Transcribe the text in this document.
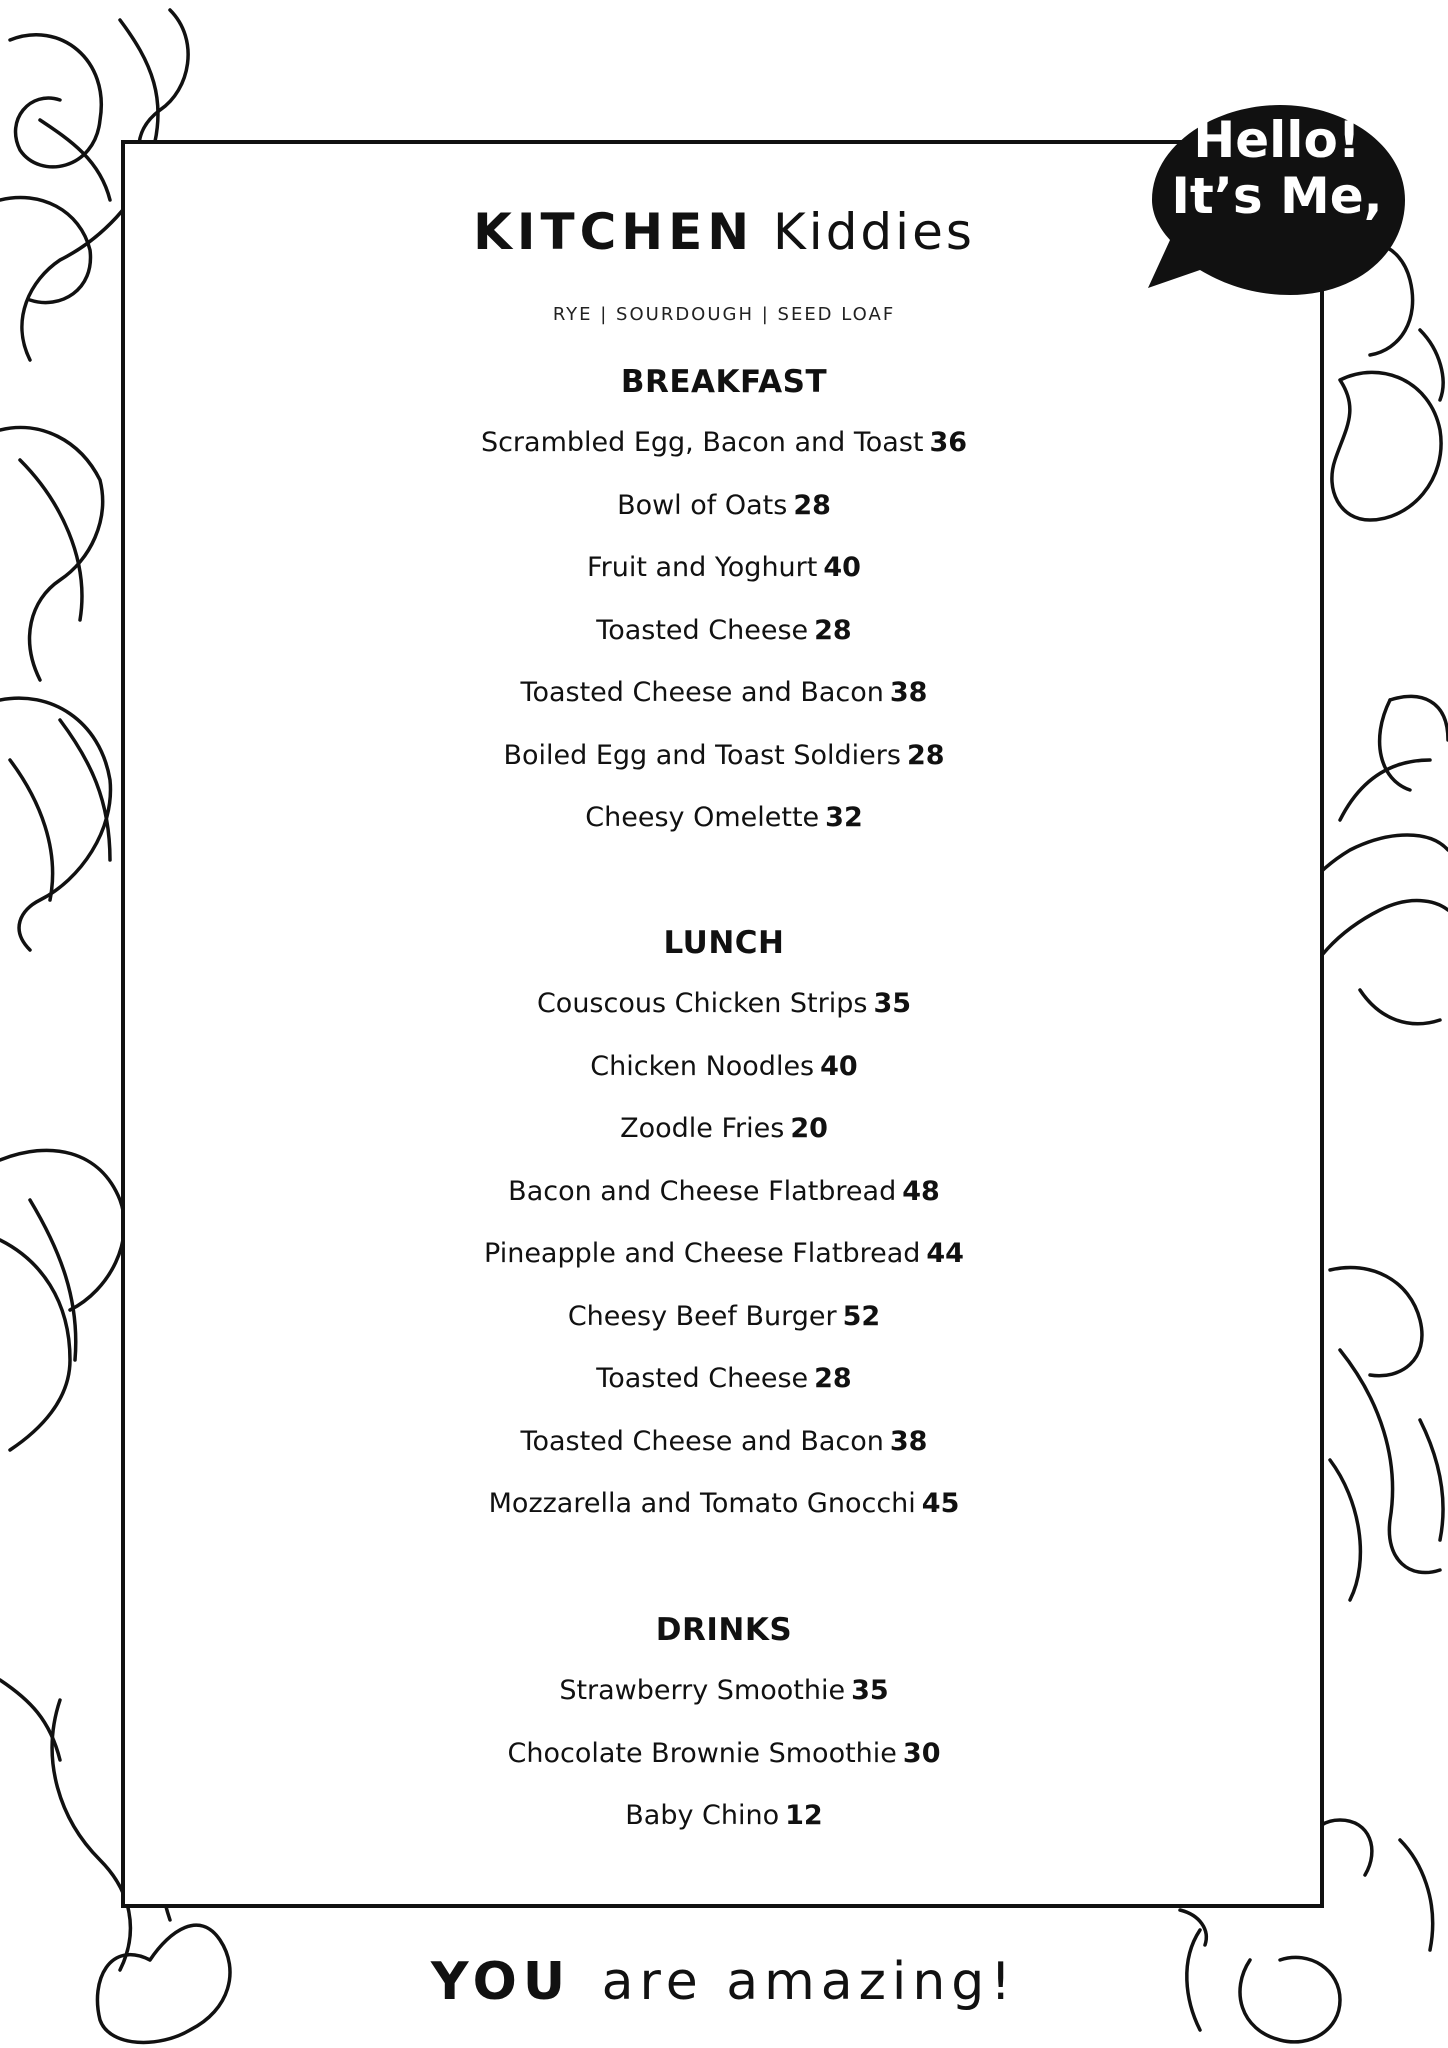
KITCHEN Kiddies
RYE | SOURDOUGH | SEED LOAF
BREAKFAST
Scrambled Egg, Bacon and Toast 36
Bowl of Oats 28
Fruit and Yoghurt 40
Toasted Cheese 28
Toasted Cheese and Bacon 38
Boiled Egg and Toast Soldiers 28
Cheesy Omelette 32
LUNCH
Couscous Chicken Strips 35
Chicken Noodles 40
Zoodle Fries 20
Bacon and Cheese Flatbread 48
Pineapple and Cheese Flatbread 44
Cheesy Beef Burger 52
Toasted Cheese 28
Toasted Cheese and Bacon 38
Mozzarella and Tomato Gnocchi 45
DRINKS
Strawberry Smoothie 35
Chocolate Brownie Smoothie 30
Baby Chino 12
Hello!
It’s Me,
YOU are amazing!
